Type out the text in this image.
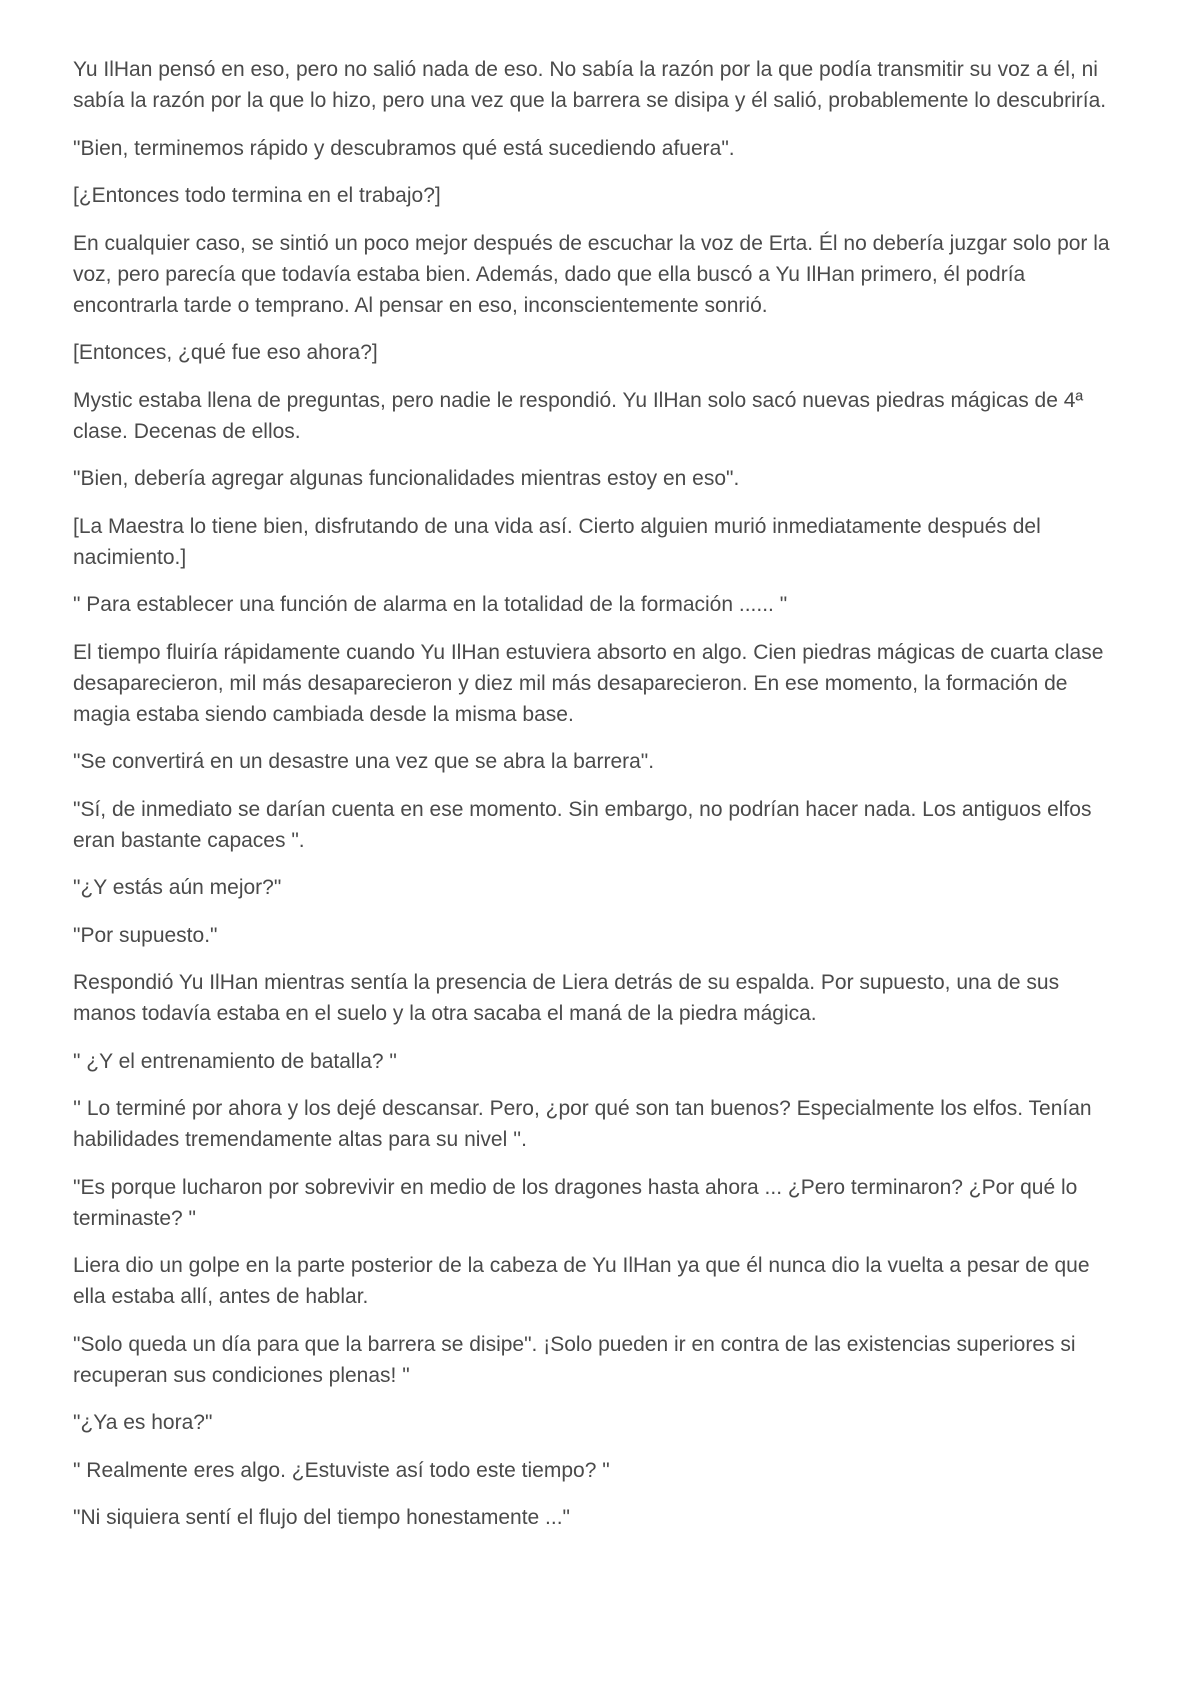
Yu IlHan pensó en eso, pero no salió nada de eso. No sabía la razón por la que podía transmitir su voz a él, ni sabía la razón por la que lo hizo, pero una vez que la barrera se disipa y él salió, probablemente lo descubriría.

"Bien, terminemos rápido y descubramos qué está sucediendo afuera".

[¿Entonces todo termina en el trabajo?]

En cualquier caso, se sintió un poco mejor después de escuchar la voz de Erta. Él no debería juzgar solo por la voz, pero parecía que todavía estaba bien. Además, dado que ella buscó a Yu IlHan primero, él podría encontrarla tarde o temprano. Al pensar en eso, inconscientemente sonrió.

[Entonces, ¿qué fue eso ahora?]

Mystic estaba llena de preguntas, pero nadie le respondió. Yu IlHan solo sacó nuevas piedras mágicas de 4ª clase. Decenas de ellos.

"Bien, debería agregar algunas funcionalidades mientras estoy en eso".

[La Maestra lo tiene bien, disfrutando de una vida así. Cierto alguien murió inmediatamente después del nacimiento.]

" Para establecer una función de alarma en la totalidad de la formación ...... "

El tiempo fluiría rápidamente cuando Yu IlHan estuviera absorto en algo. Cien piedras mágicas de cuarta clase desaparecieron, mil más desaparecieron y diez mil más desaparecieron. En ese momento, la formación de magia estaba siendo cambiada desde la misma base.

"Se convertirá en un desastre una vez que se abra la barrera".

"Sí, de inmediato se darían cuenta en ese momento. Sin embargo, no podrían hacer nada. Los antiguos elfos eran bastante capaces ".

"¿Y estás aún mejor?"

"Por supuesto."

Respondió Yu IlHan mientras sentía la presencia de Liera detrás de su espalda. Por supuesto, una de sus manos todavía estaba en el suelo y la otra sacaba el maná de la piedra mágica.

" ¿Y el entrenamiento de batalla? "

'' Lo terminé por ahora y los dejé descansar. Pero, ¿por qué son tan buenos? Especialmente los elfos. Tenían habilidades tremendamente altas para su nivel ''.

"Es porque lucharon por sobrevivir en medio de los dragones hasta ahora ... ¿Pero terminaron? ¿Por qué lo terminaste? "

Liera dio un golpe en la parte posterior de la cabeza de Yu IlHan ya que él nunca dio la vuelta a pesar de que ella estaba allí, antes de hablar.

"Solo queda un día para que la barrera se disipe". ¡Solo pueden ir en contra de las existencias superiores si recuperan sus condiciones plenas! "

"¿Ya es hora?"

" Realmente eres algo. ¿Estuviste así todo este tiempo? "

"Ni siquiera sentí el flujo del tiempo honestamente ..."
